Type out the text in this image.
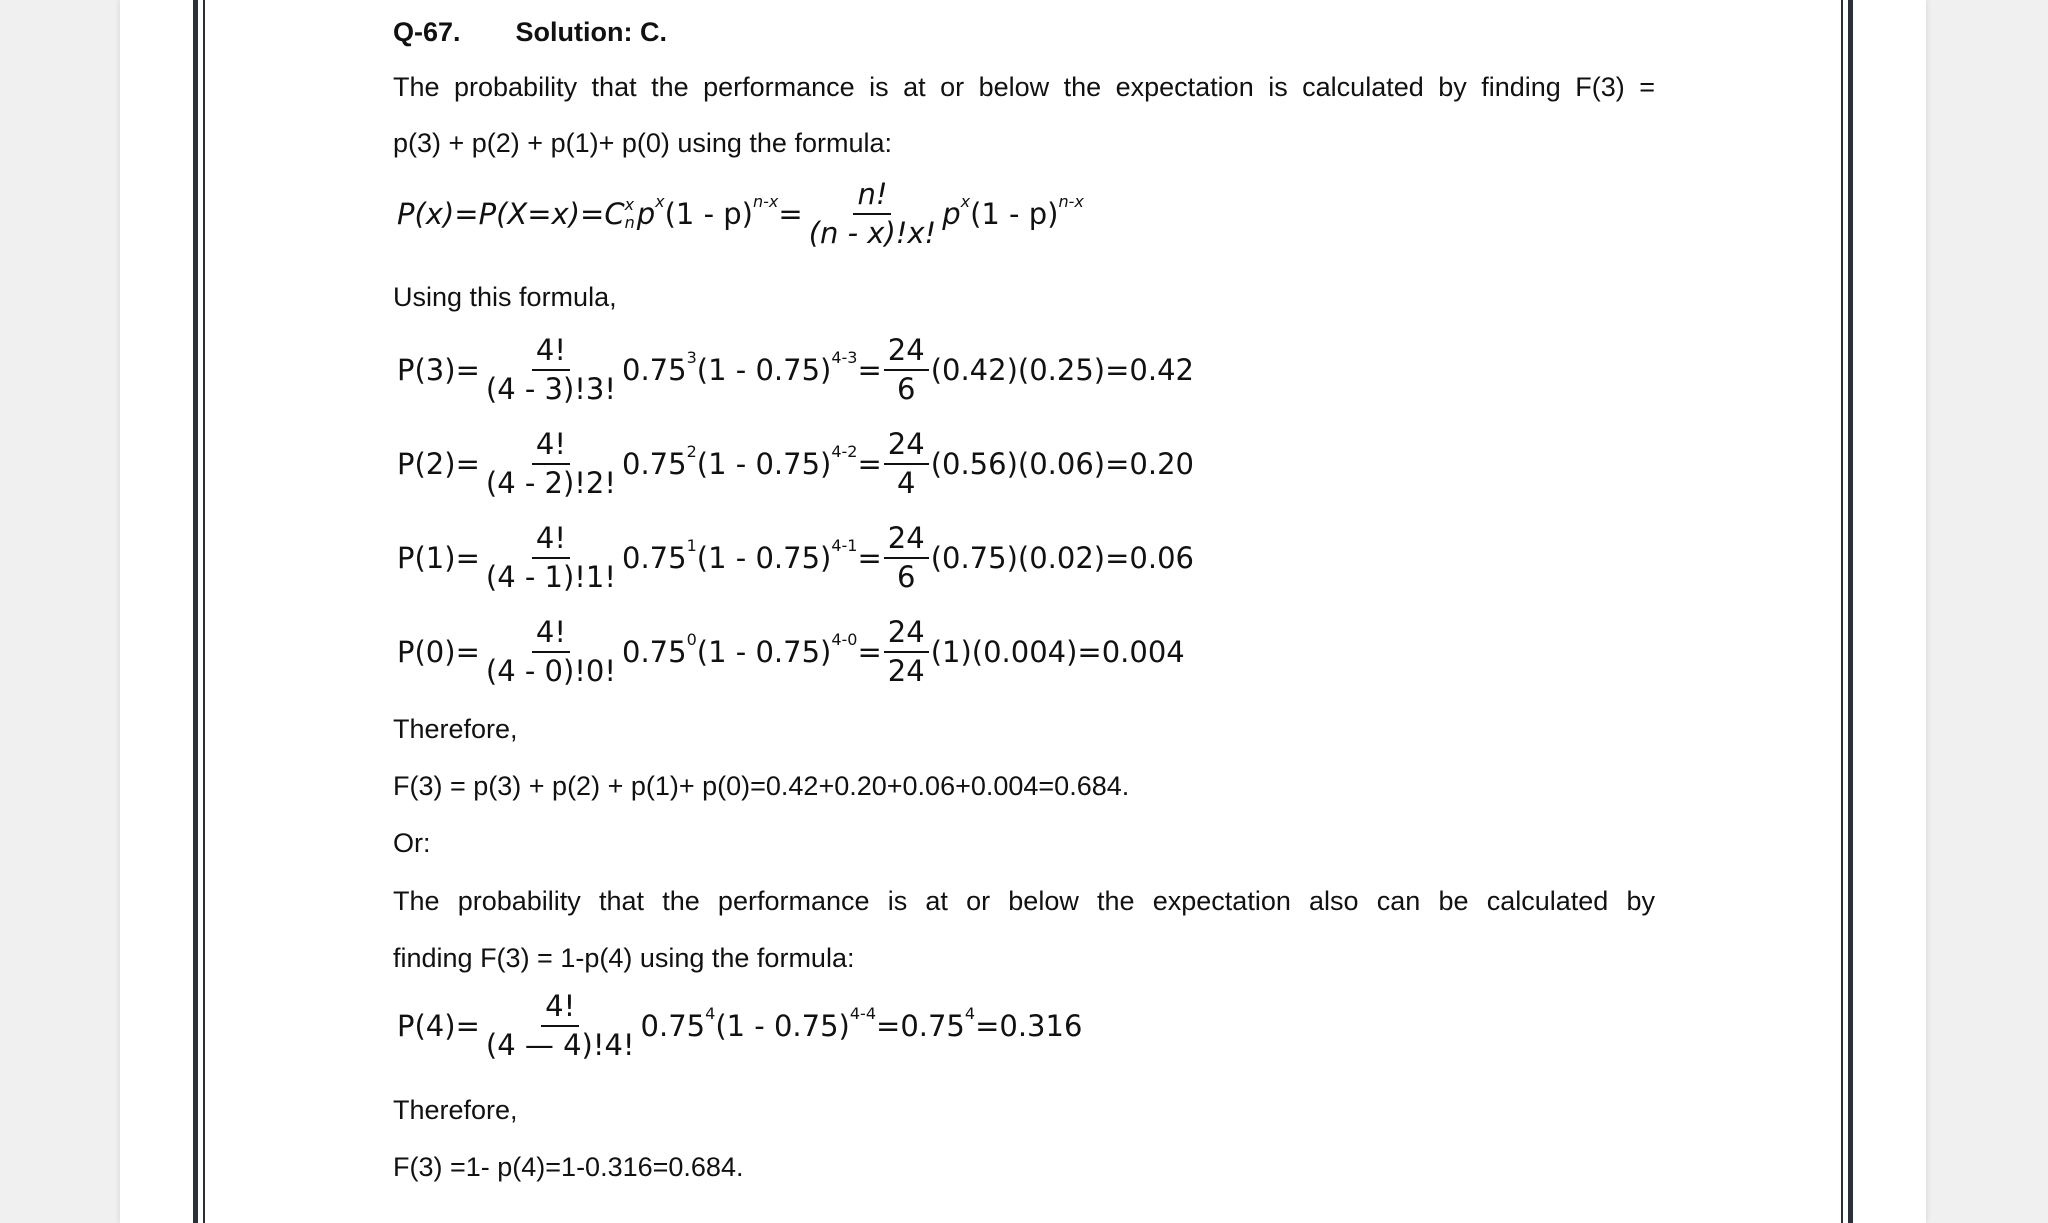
Q-67. Solution: C.
The probability that the performance is at or below the expectation is calculated by finding F(3) =
p(3) + p(2) + p(1)+ p(0) using the formula:
P(x)=P(X=x)=C x
n $p^x$ $(1 - p)^{n-x} = \frac{n!}{(n - x)!x!} p^x$ (1 - p)$^{n-x}$
Using this formula,
$P(3)= \frac{4!}{(4 - 3)!3!} 0.75^3$ $(1 - 0.75)^{4-3} = \frac{24}{6} (0.42)(0.25)=0.42$
$P(2)= \frac{4!}{(4 - 2)!2!} 0.75^2$ $(1 - 0.75)^{4-2} = \frac{24}{4} (0.56)(0.06)=0.20$
$P(1)= \frac{4!}{(4 - 1)!1!} 0.75^1$ $(1 - 0.75)^{4-1} = \frac{24}{6} (0.75)(0.02)=0.06$
$P(0)= \frac{4!}{(4 - 0)!0!} 0.75^0$ $(1 - 0.75)^{4-0} = \frac{24}{24} (1)(0.004)=0.004$
Therefore,
F(3) = p(3) + p(2) + p(1)+ p(0)=0.42+0.20+0.06+0.004=0.684.
Or:
The probability that the performance is at or below the expectation also can be calculated by
finding F(3) = 1-p(4) using the formula:
$P(4)= \frac{4!}{(4 — 4)!4!} 0.75^4$ $(1 - 0.75)^{4-4} =0.75^4 =0.316$
Therefore,
F(3) =1- p(4)=1-0.316=0.684.
